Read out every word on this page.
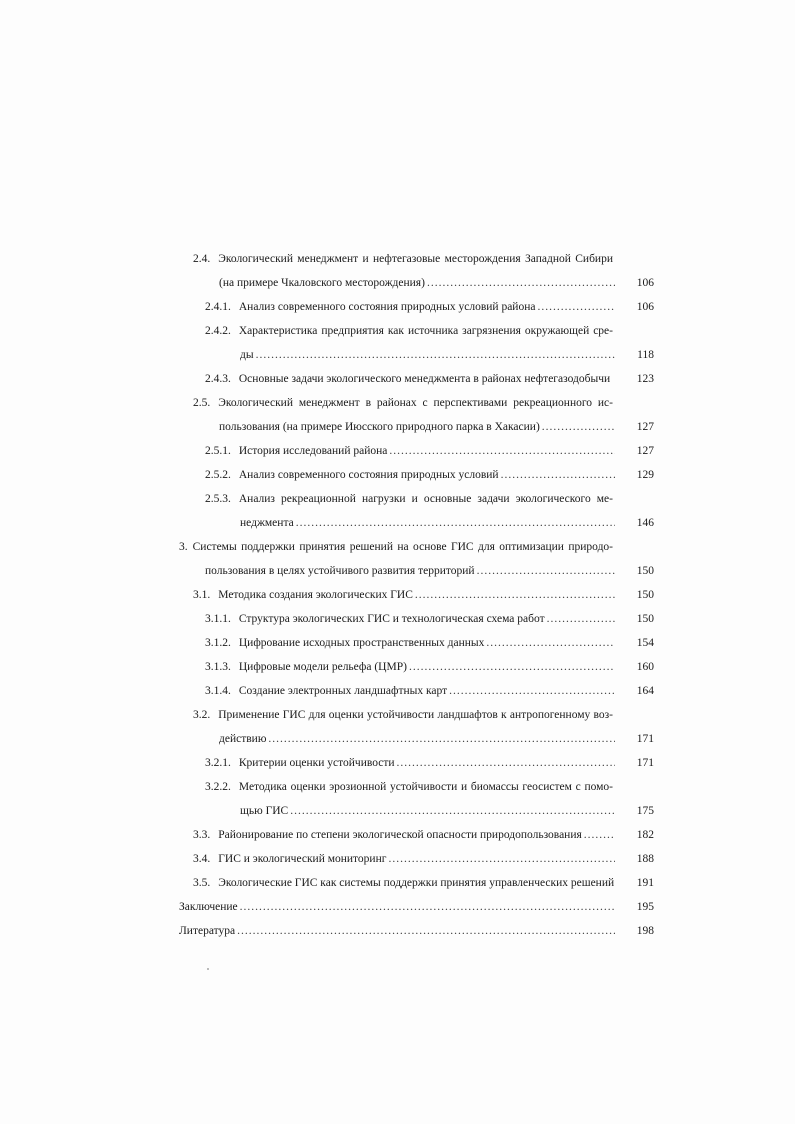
2.4. Экологический менеджмент и нефтегазовые месторождения Западной Сибири
(на примере Чкаловского месторождения) .....	106
2.4.1. Анализ современного состояния природных условий района .....	106
2.4.2. Характеристика предприятия как источника загрязнения окружающей сре-
ды .....	118
2.4.3. Основные задачи экологического менеджмента в районах нефтегазодобычи	123
2.5. Экологический менеджмент в районах с перспективами рекреационного ис-
пользования (на примере Июсского природного парка в Хакасии) .....	127
2.5.1. История исследований района .....	127
2.5.2. Анализ современного состояния природных условий .....	129
2.5.3. Анализ рекреационной нагрузки и основные задачи экологического ме-
неджмента .....	146
3. Системы поддержки принятия решений на основе ГИС для оптимизации природо-
пользования в целях устойчивого развития территорий .....	150
3.1. Методика создания экологических ГИС .....	150
3.1.1. Структура экологических ГИС и технологическая схема работ .....	150
3.1.2. Цифрование исходных пространственных данных .....	154
3.1.3. Цифровые модели рельефа (ЦМР) .....	160
3.1.4. Создание электронных ландшафтных карт .....	164
3.2. Применение ГИС для оценки устойчивости ландшафтов к антропогенному воз-
действию .....	171
3.2.1. Критерии оценки устойчивости .....	171
3.2.2. Методика оценки эрозионной устойчивости и биомассы геосистем с помо-
щью ГИС .....	175
3.3. Районирование по степени экологической опасности природопользования .....	182
3.4. ГИС и экологический мониторинг .....	188
3.5. Экологические ГИС как системы поддержки принятия управленческих решений	191
Заключение .....	195
Литература .....	198
